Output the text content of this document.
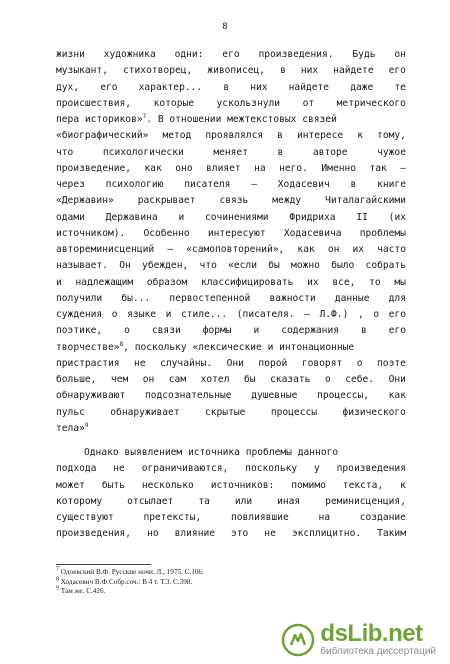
8
жизни художника одни: его произведения. Будь он
музыкант, стихотворец, живописец, в них найдете его
дух, его характер... в них найдете даже те
происшествия, которые ускользнули от метрического
пера историков»$^7$. В отношении межтекстовых связей
«биографический» метод проявлялся в интересе к тому,
что	психологически	меняет	в	авторе	чужое
произведение, как оно влияет на него. Именно так –
через психологию писателя – Ходасевич в книге
«Державин» раскрывает связь между Читалагайскими
одами Державина и сочинениями Фридриха II (их
источником). Особенно интересуют Ходасевича проблемы
автореминисценций – «самоповторений», как он их часто
называет. Он убежден, что «если бы можно было собрать
и надлежащим образом классифицировать их все, то мы
получили бы... первостепенной важности данные для
суждения о языке и стиле... (писателя. – Л.Ф.) , о его
поэтике, о связи формы и содержания в его
творчестве»$^8$, поскольку «лексические и интонационные
пристрастия не случайны. Они порой говорят о поэте
больше, чем он сам хотел бы сказать о себе. Они
обнаруживают подсознательные душевные процессы, как
пульс	обнаруживает	скрытые	процессы	физического
тела»$^9$
Однако выявлением источника проблемы данного
подхода не ограничиваются, поскольку у произведения
может быть несколько источников: помимо текста, к
которому	отсылает	та	или	иная	реминисценция,
существуют	претексты,	повлиявшие	на	создание
произведения, но влияние это не эксплицитно. Таким
$^7$ Одоевский В.Ф. Русские ночи. Л., 1975. С.106.
$^8$ Ходасевич В.Ф.Собр.соч.: В 4 т. Т.3. С.398.
$^9$ Там же. С.426.
dsLib.net
библиотека диссертаций
